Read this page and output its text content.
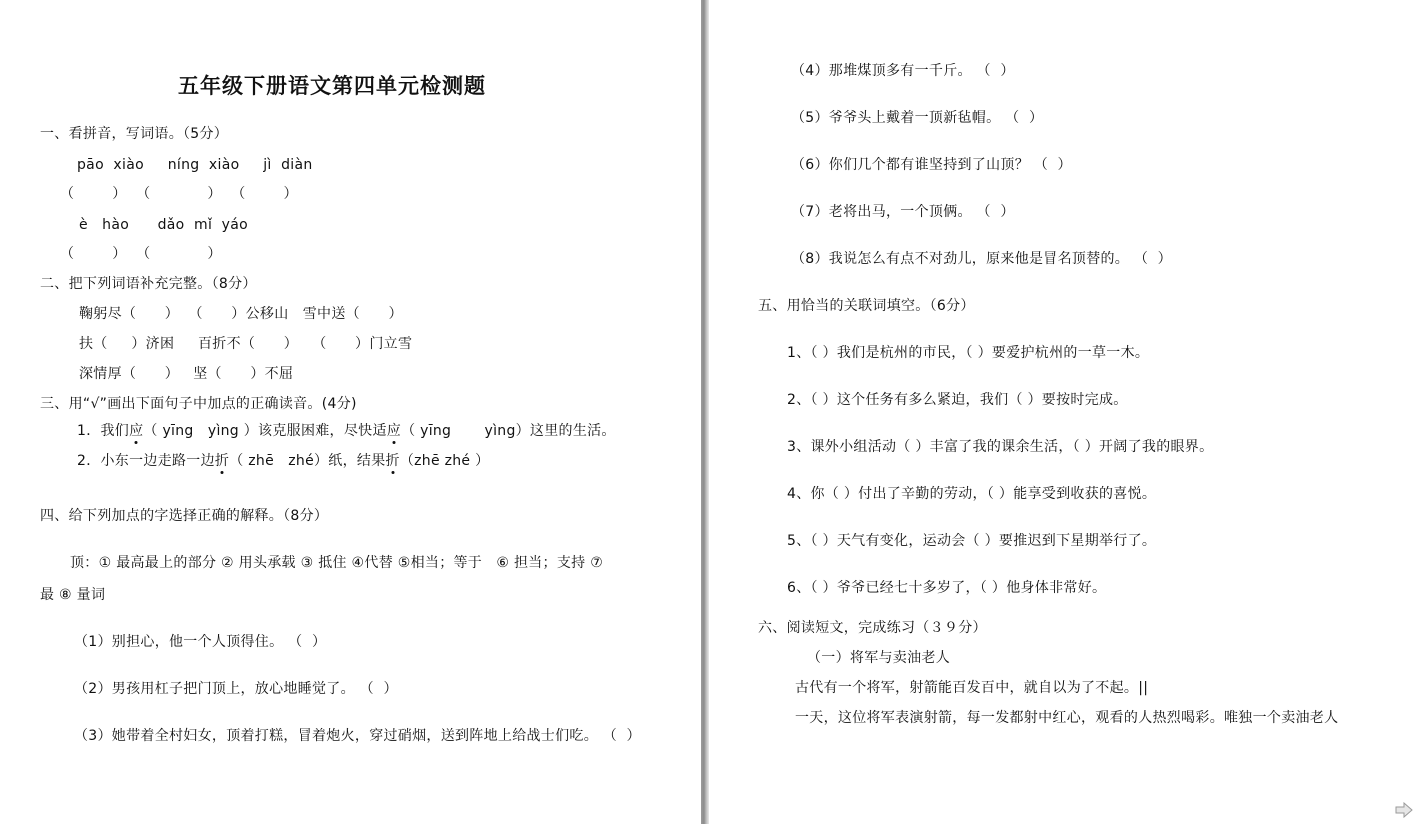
五年级下册语文第四单元检测题
一、看拼音，写词语。（5分）
pāo  xiào     níng  xiào     jì  diàn
（        ）  （            ）  （        ）
è   hào      dǎo  mǐ  yáo
（        ）  （            ）
二、把下列词语补充完整。（8分）
鞠躬尽（      ）  （      ）公移山   雪中送（      ）
扶（     ）济困     百折不（      ）   （      ）门立雪
深情厚（      ）   坚（      ）不屈
三、用“√”画出下面句子中加点的正确读音。(4分)
1．我们应（ yīng   yìng ）该克服困难，尽快适应（ yīng       yìng）这里的生活。
2．小东一边走路一边折（ zhē   zhé）纸，结果折（zhē zhé ）
四、给下列加点的字选择正确的解释。（8分）
顶：① 最高最上的部分 ② 用头承载 ③ 抵住 ④代替 ⑤相当；等于   ⑥ 担当；支持 ⑦
最 ⑧ 量词
（1）别担心，他一个人顶得住。 （  ）
（2）男孩用杠子把门顶上，放心地睡觉了。 （  ）
（3）她带着全村妇女，顶着打糕，冒着炮火，穿过硝烟，送到阵地上给战士们吃。 （  ）
（4）那堆煤顶多有一千斤。 （  ）
（5）爷爷头上戴着一顶新毡帽。 （  ）
（6）你们几个都有谁坚持到了山顶？ （  ）
（7）老将出马，一个顶俩。 （  ）
（8）我说怎么有点不对劲儿，原来他是冒名顶替的。 （  ）
五、用恰当的关联词填空。（6分）
1、（ ）我们是杭州的市民，（ ）要爱护杭州的一草一木。
2、（ ）这个任务有多么紧迫，我们（ ）要按时完成。
3、课外小组活动（ ）丰富了我的课余生活，（ ）开阔了我的眼界。
4、你（ ）付出了辛勤的劳动，（ ）能享受到收获的喜悦。
5、（ ）天气有变化，运动会（ ）要推迟到下星期举行了。
6、（ ）爷爷已经七十多岁了，（ ）他身体非常好。
六、阅读短文，完成练习（３９分）
（一）将军与卖油老人
古代有一个将军，射箭能百发百中，就自以为了不起。||
一天，这位将军表演射箭，每一发都射中红心，观看的人热烈喝彩。唯独一个卖油老人
